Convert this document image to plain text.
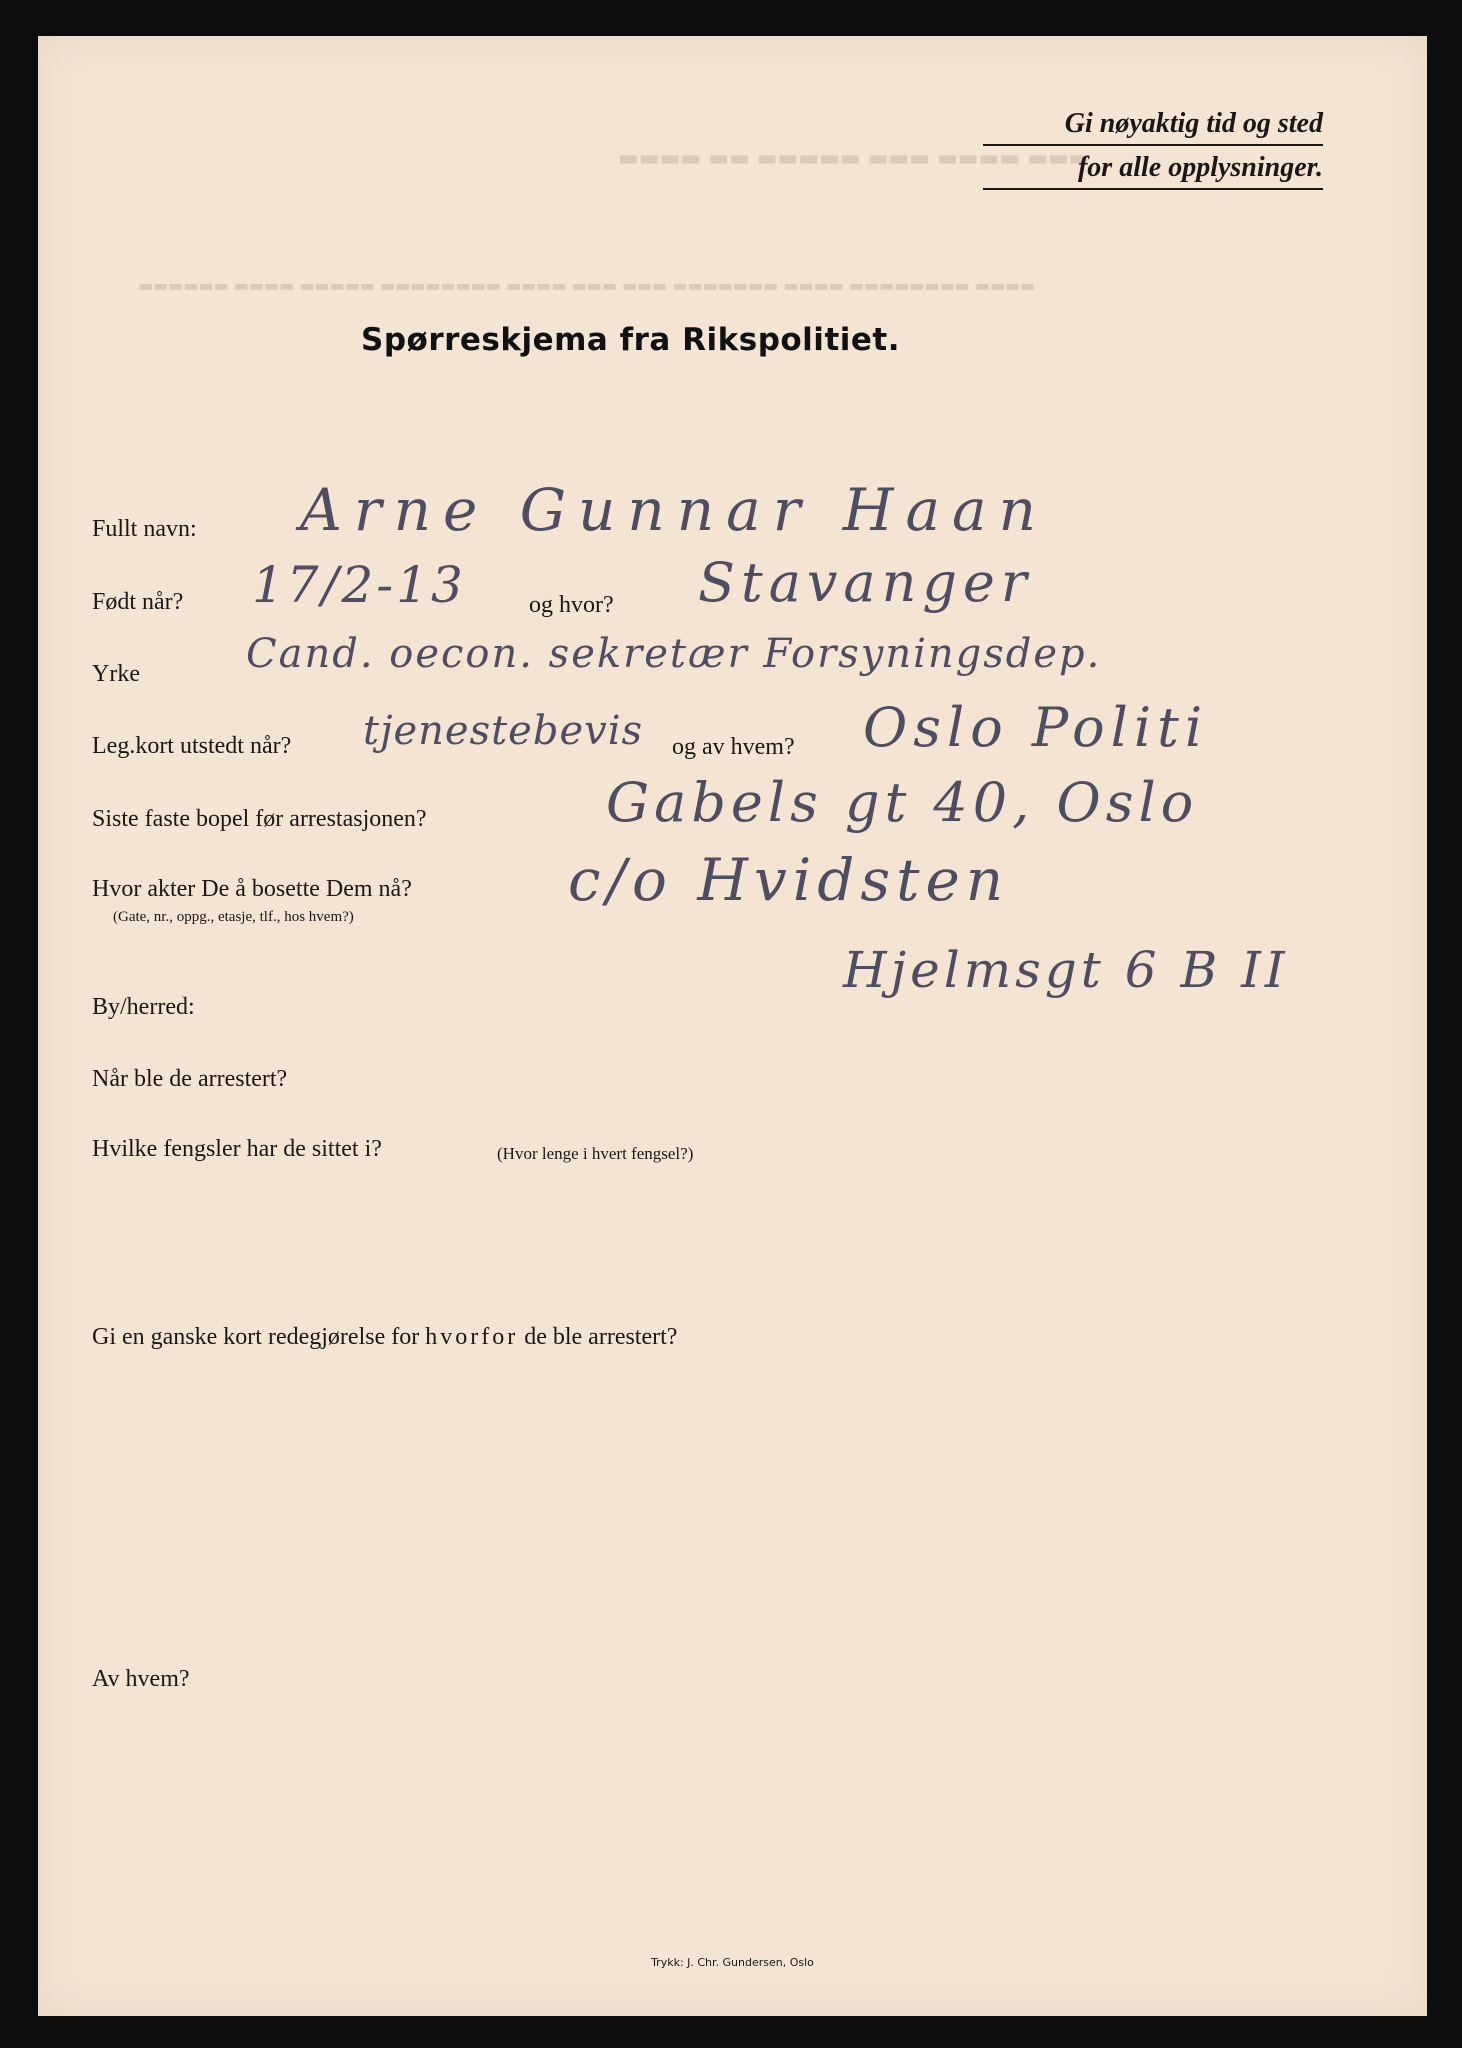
▬▬▬ ▬▬▬▬ ▬▬▬ ▬▬▬▬▬ ▬▬ ▬▬▬▬
▬▬▬▬ ▬▬▬▬▬▬▬▬ ▬▬▬▬ ▬▬▬▬▬▬▬ ▬▬▬ ▬▬▬ ▬▬▬▬ ▬▬▬▬▬▬▬▬ ▬▬▬▬▬ ▬▬▬▬ ▬▬▬▬▬▬
Gi nøyaktig tid og sted
for alle opplysninger.
Spørreskjema fra Rikspolitiet.
Fullt navn: Arne Gunnar Haan
Født når? 17/2-13	og hvor? Stavanger
Yrke	Cand. oecon. sekretær Forsyningsdep.
Leg.kort utstedt når? tjenestebevis og av hvem? Oslo Politi
Siste faste bopel før arrestasjonen?	Gabels gt 40, Oslo
Hvor akter De å bosette Dem nå?
(Gate, nr., oppg., etasje, tlf., hos hvem?)
c/o Hvidsten
Hjelmsgt 6 B II
By/herred:
Når ble de arrestert?
Hvilke fengsler har de sittet i?	(Hvor lenge i hvert fengsel?)
Gi en ganske kort redegjørelse for hvorfor de ble arrestert?
Av hvem?
Trykk: J. Chr. Gundersen, Oslo
